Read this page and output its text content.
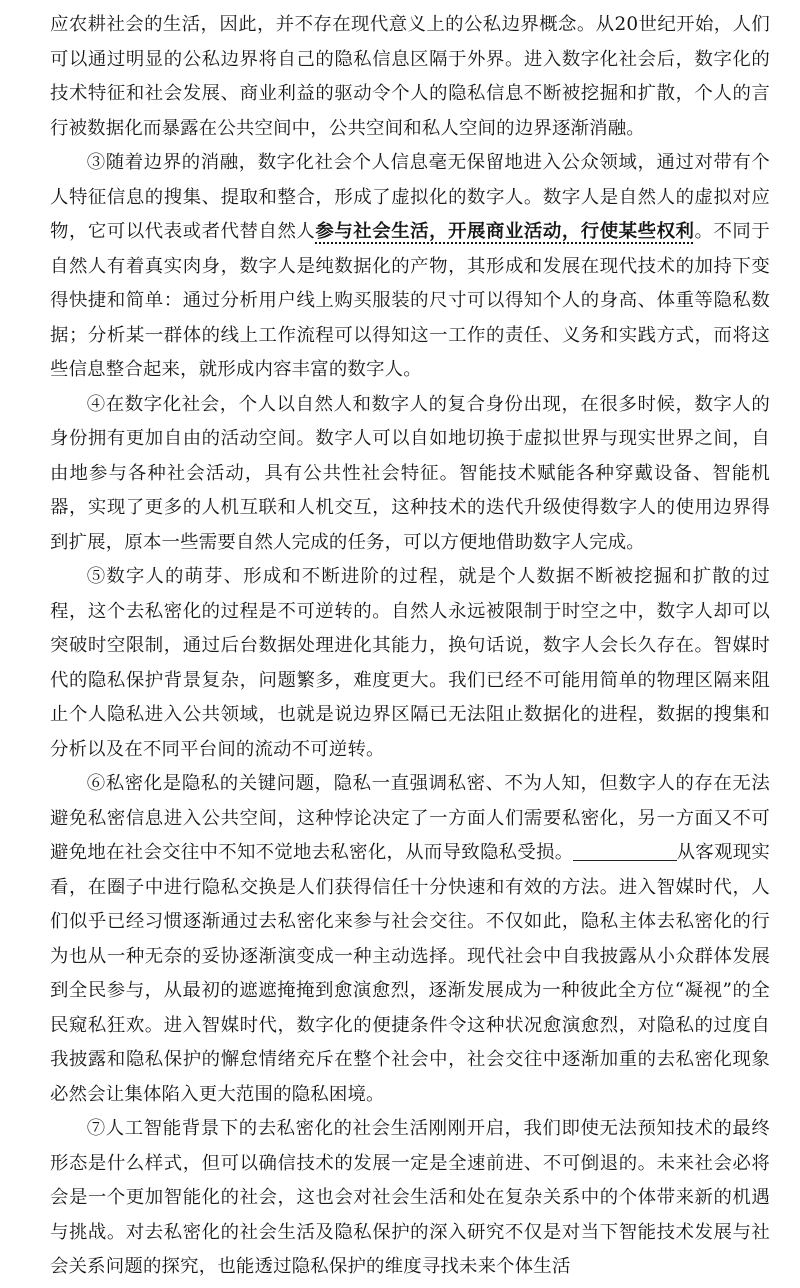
应农耕社会的生活，因此，并不存在现代意义上的公私边界概念。从20世纪开始，人们可以通过明显的公私边界将自己的隐私信息区隔于外界。进入数字化社会后，数字化的技术特征和社会发展、商业利益的驱动令个人的隐私信息不断被挖掘和扩散，个人的言行被数据化而暴露在公共空间中，公共空间和私人空间的边界逐渐消融。

③随着边界的消融，数字化社会个人信息毫无保留地进入公众领域，通过对带有个人特征信息的搜集、提取和整合，形成了虚拟化的数字人。数字人是自然人的虚拟对应物，它可以代表或者代替自然人参与社会生活，开展商业活动，行使某些权利。不同于自然人有着真实肉身，数字人是纯数据化的产物，其形成和发展在现代技术的加持下变得快捷和简单：通过分析用户线上购买服装的尺寸可以得知个人的身高、体重等隐私数据；分析某一群体的线上工作流程可以得知这一工作的责任、义务和实践方式，而将这些信息整合起来，就形成内容丰富的数字人。

④在数字化社会，个人以自然人和数字人的复合身份出现，在很多时候，数字人的身份拥有更加自由的活动空间。数字人可以自如地切换于虚拟世界与现实世界之间，自由地参与各种社会活动，具有公共性社会特征。智能技术赋能各种穿戴设备、智能机器，实现了更多的人机互联和人机交互，这种技术的迭代升级使得数字人的使用边界得到扩展，原本一些需要自然人完成的任务，可以方便地借助数字人完成。

⑤数字人的萌芽、形成和不断进阶的过程，就是个人数据不断被挖掘和扩散的过程，这个去私密化的过程是不可逆转的。自然人永远被限制于时空之中，数字人却可以突破时空限制，通过后台数据处理进化其能力，换句话说，数字人会长久存在。智媒时代的隐私保护背景复杂，问题繁多，难度更大。我们已经不可能用简单的物理区隔来阻止个人隐私进入公共领域，也就是说边界区隔已无法阻止数据化的进程，数据的搜集和分析以及在不同平台间的流动不可逆转。

⑥私密化是隐私的关键问题，隐私一直强调私密、不为人知，但数字人的存在无法避免私密信息进入公共空间，这种悖论决定了一方面人们需要私密化，另一方面又不可避免地在社会交往中不知不觉地去私密化，从而导致隐私受损。	从客观现实看，在圈子中进行隐私交换是人们获得信任十分快速和有效的方法。进入智媒时代，人们似乎已经习惯逐渐通过去私密化来参与社会交往。不仅如此，隐私主体去私密化的行为也从一种无奈的妥协逐渐演变成一种主动选择。现代社会中自我披露从小众群体发展到全民参与，从最初的遮遮掩掩到愈演愈烈，逐渐发展成为一种彼此全方位“凝视”的全民窥私狂欢。进入智媒时代，数字化的便捷条件令这种状况愈演愈烈，对隐私的过度自我披露和隐私保护的懈怠情绪充斥在整个社会中，社会交往中逐渐加重的去私密化现象必然会让集体陷入更大范围的隐私困境。

⑦人工智能背景下的去私密化的社会生活刚刚开启，我们即使无法预知技术的最终形态是什么样式，但可以确信技术的发展一定是全速前进、不可倒退的。未来社会必将会是一个更加智能化的社会，这也会对社会生活和处在复杂关系中的个体带来新的机遇与挑战。对去私密化的社会生活及隐私保护的深入研究不仅是对当下智能技术发展与社会关系问题的探究，也能透过隐私保护的维度寻找未来个体生活
